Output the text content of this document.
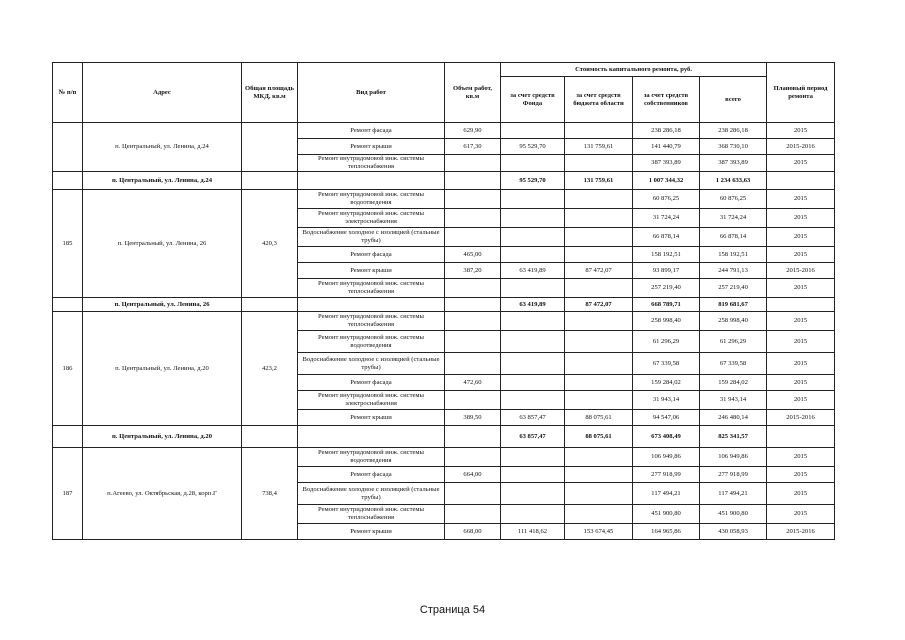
№ п/п	Адрес	Общая площадь МКД, кв.м	Вид работ	Объем работ, кв.м	Стоимость капитального ремонта, руб.				Плановый период ремонта
					за счет средств Фонда	за счет средств бюджета области	за счет средств собственников	всего	
	п. Центральный, ул. Ленина, д.24		Ремонт фасада	629,90			238 286,18	238 286,18	2015
			Ремонт крыши	617,30	95 529,70	131 759,61	141 440,79	368 730,10	2015-2016
			Ремонт внутридомовой инж. системы теплоснабжения				387 393,89	387 393,89	2015
	п. Центральный, ул. Ленина, д.24				95 529,70	131 759,61	1 007 344,32	1 234 633,63	
185	п. Центральный, ул. Ленина, 26	420,3	Ремонт внутридомовой инж. системы водоотведения				60 876,25	60 876,25	2015
			Ремонт внутридомовой инж. системы электроснабжения				31 724,24	31 724,24	2015
			Водоснабжение холодное с изоляцией (стальные трубы)				66 878,14	66 878,14	2015
			Ремонт фасада	465,00			158 192,51	158 192,51	2015
			Ремонт крыши	387,20	63 419,89	87 472,07	93 899,17	244 791,13	2015-2016
			Ремонт внутридомовой инж. системы теплоснабжения				257 219,40	257 219,40	2015
	п. Центральный, ул. Ленина, 26				63 419,89	87 472,07	668 789,71	819 681,67	
186	п. Центральный, ул. Ленина, д.20	423,2	Ремонт внутридомовой инж. системы теплоснабжения				258 998,40	258 998,40	2015
			Ремонт внутридомовой инж. системы водоотведения				61 296,29	61 296,29	2015
			Водоснабжение холодное с изоляцией (стальные трубы)				67 339,58	67 339,58	2015
			Ремонт фасада	472,60			159 284,02	159 284,02	2015
			Ремонт внутридомовой инж. системы электроснабжения				31 943,14	31 943,14	2015
			Ремонт крыши	389,50	63 857,47	88 075,61	94 547,06	246 480,14	2015-2016
	п. Центральный, ул. Ленина, д.20				63 857,47	88 075,61	673 408,49	825 341,57	
187	п.Агеево, ул. Октябрьская, д.28, корп.Г	738,4	Ремонт внутридомовой инж. системы водоотведения				106 949,86	106 949,86	2015
			Ремонт фасада	664,00			277 918,99	277 918,99	2015
			Водоснабжение холодное с изоляцией (стальные трубы)				117 494,21	117 494,21	2015
			Ремонт внутридомовой инж. системы теплоснабжения				451 900,80	451 900,80	2015
			Ремонт крыши	668,00	111 418,62	153 674,45	164 965,86	430 058,93	2015-2016
Страница 54
